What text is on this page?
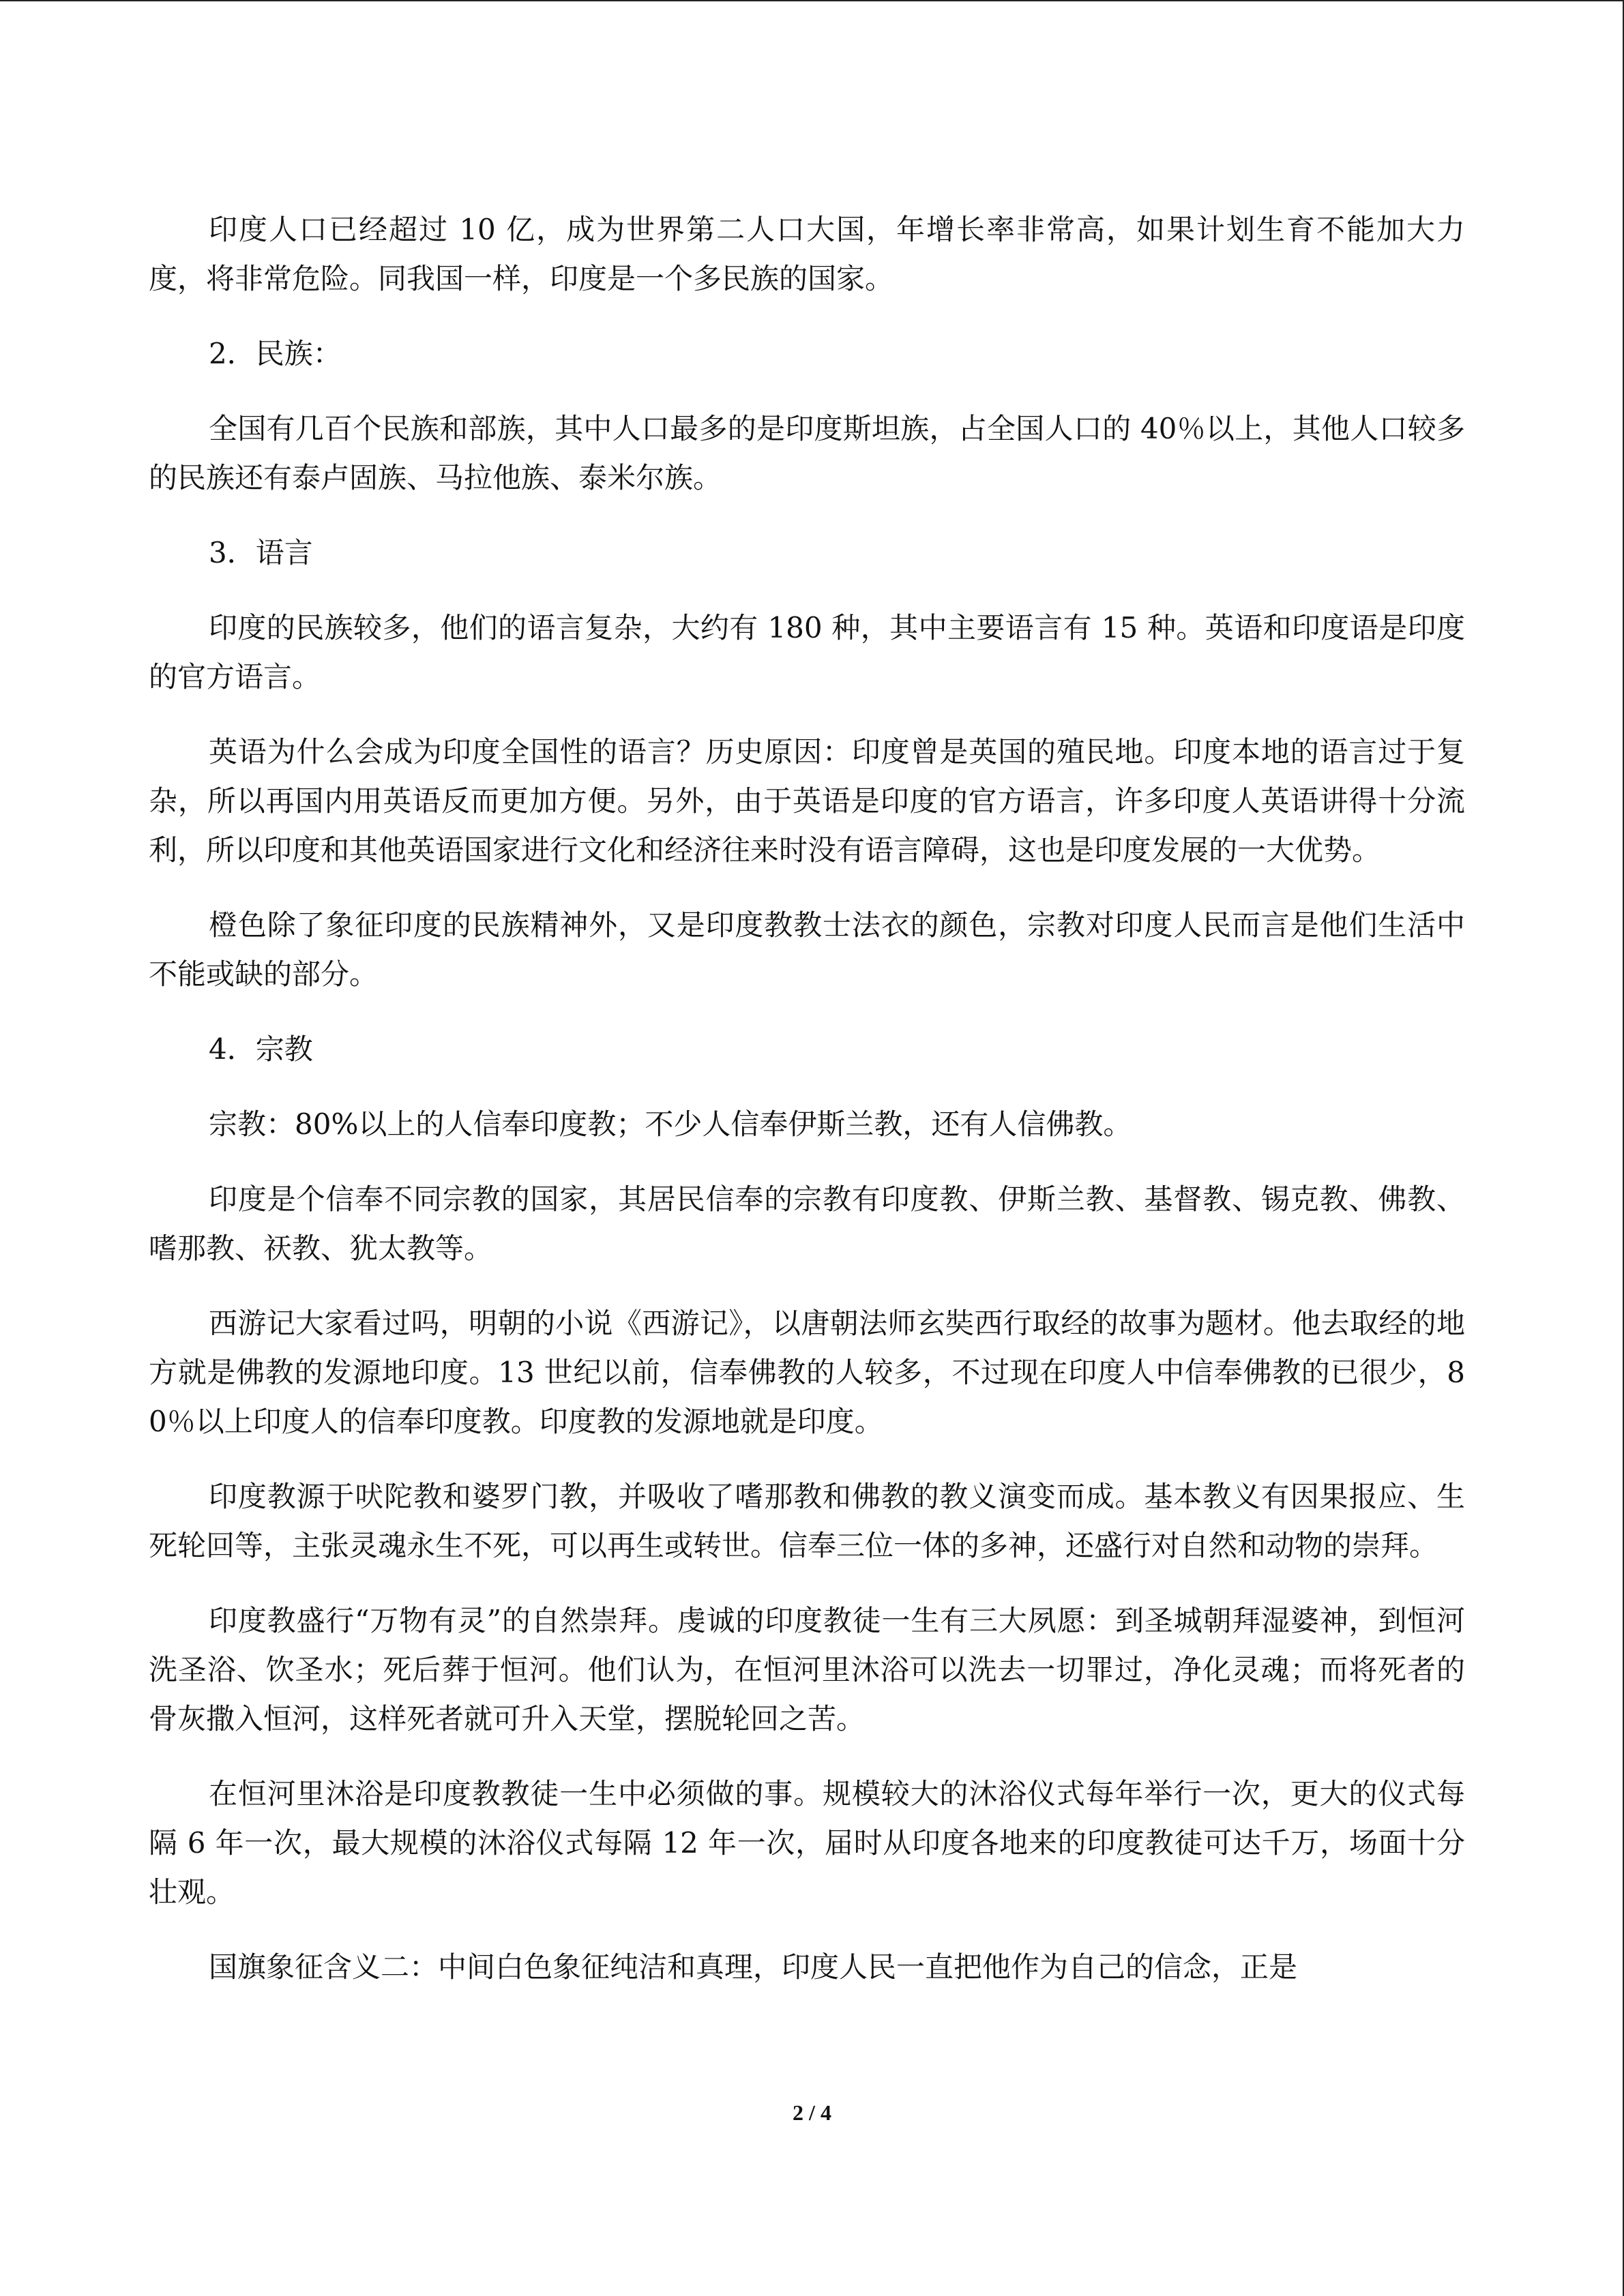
印度人口已经超过 10 亿，成为世界第二人口大国，年增长率非常高，如果计划生育不能加大力度，将非常危险。同我国一样，印度是一个多民族的国家。

2．民族：

全国有几百个民族和部族，其中人口最多的是印度斯坦族，占全国人口的 40％以上，其他人口较多的民族还有泰卢固族、马拉他族、泰米尔族。

3．语言

印度的民族较多，他们的语言复杂，大约有 180 种，其中主要语言有 15 种。英语和印度语是印度的官方语言。

英语为什么会成为印度全国性的语言？历史原因：印度曾是英国的殖民地。印度本地的语言过于复杂，所以再国内用英语反而更加方便。另外，由于英语是印度的官方语言，许多印度人英语讲得十分流利，所以印度和其他英语国家进行文化和经济往来时没有语言障碍，这也是印度发展的一大优势。

橙色除了象征印度的民族精神外，又是印度教教士法衣的颜色，宗教对印度人民而言是他们生活中不能或缺的部分。

4．宗教

宗教：80%以上的人信奉印度教；不少人信奉伊斯兰教，还有人信佛教。

印度是个信奉不同宗教的国家，其居民信奉的宗教有印度教、伊斯兰教、基督教、锡克教、佛教、嗜那教、祆教、犹太教等。

西游记大家看过吗，明朝的小说《西游记》，以唐朝法师玄奘西行取经的故事为题材。他去取经的地方就是佛教的发源地印度。13 世纪以前，信奉佛教的人较多，不过现在印度人中信奉佛教的已很少，80％以上印度人的信奉印度教。印度教的发源地就是印度。

印度教源于吠陀教和婆罗门教，并吸收了嗜那教和佛教的教义演变而成。基本教义有因果报应、生死轮回等，主张灵魂永生不死，可以再生或转世。信奉三位一体的多神，还盛行对自然和动物的崇拜。

印度教盛行“万物有灵”的自然崇拜。虔诚的印度教徒一生有三大夙愿：到圣城朝拜湿婆神，到恒河洗圣浴、饮圣水；死后葬于恒河。他们认为，在恒河里沐浴可以洗去一切罪过，净化灵魂；而将死者的骨灰撒入恒河，这样死者就可升入天堂，摆脱轮回之苦。

在恒河里沐浴是印度教教徒一生中必须做的事。规模较大的沐浴仪式每年举行一次，更大的仪式每隔 6 年一次，最大规模的沐浴仪式每隔 12 年一次，届时从印度各地来的印度教徒可达千万，场面十分壮观。

国旗象征含义二：中间白色象征纯洁和真理，印度人民一直把他作为自己的信念，正是

2 / 4
